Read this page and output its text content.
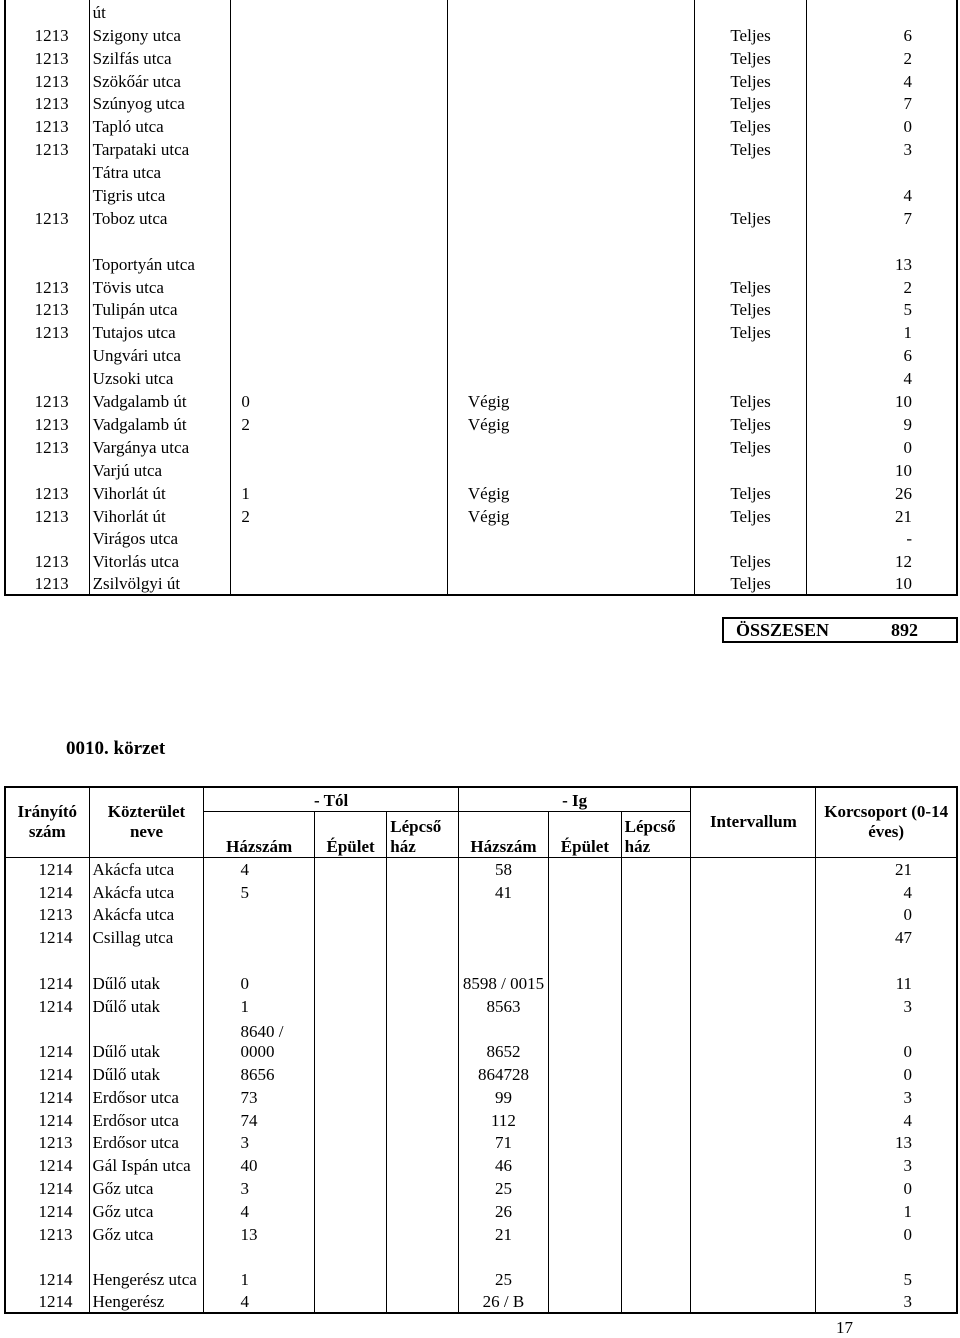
	út				
1213	Szigony utca			Teljes	6
1213	Szilfás utca			Teljes	2
1213	Szökőár utca			Teljes	4
1213	Szúnyog utca			Teljes	7
1213	Tapló utca			Teljes	0
1213	Tarpataki utca			Teljes	3
	Tátra utca				
	Tigris utca				4
1213	Toboz utca			Teljes	7
	Toportyán utca				13
1213	Tövis utca			Teljes	2
1213	Tulipán utca			Teljes	5
1213	Tutajos utca			Teljes	1
	Ungvári utca				6
	Uzsoki utca				4
1213	Vadgalamb út	0	Végig	Teljes	10
1213	Vadgalamb út	2	Végig	Teljes	9
1213	Vargánya utca			Teljes	0
	Varjú utca				10
1213	Vihorlát út	1	Végig	Teljes	26
1213	Vihorlát út	2	Végig	Teljes	21
	Virágos utca				-
1213	Vitorlás utca			Teljes	12
1213	Zsilvölgyi út			Teljes	10
ÖSSZESEN	892
0010. körzet
Irányító szám	Közterület neve	- Tól			- Ig			Intervallum	Korcsoport (0-14 éves)
		Házszám	Épület	Lépcső ház	Házszám	Épület	Lépcső ház		
1214	Akácfa utca	4			58				21
1214	Akácfa utca	5			41				4
1213	Akácfa utca								0
1214	Csillag utca								47
1214	Dűlő utak	0			8598 / 0015				11
1214	Dűlő utak	1			8563				3
1214	Dűlő utak	8640 / 0000			8652				0
1214	Dűlő utak	8656			864728				0
1214	Erdősor utca	73			99				3
1214	Erdősor utca	74			112				4
1213	Erdősor utca	3			71				13
1214	Gál Ispán utca	40			46				3
1214	Gőz utca	3			25				0
1214	Gőz utca	4			26				1
1213	Gőz utca	13			21				0
1214	Hengerész utca	1			25				5
1214	Hengerész	4			26 / B				3
17
